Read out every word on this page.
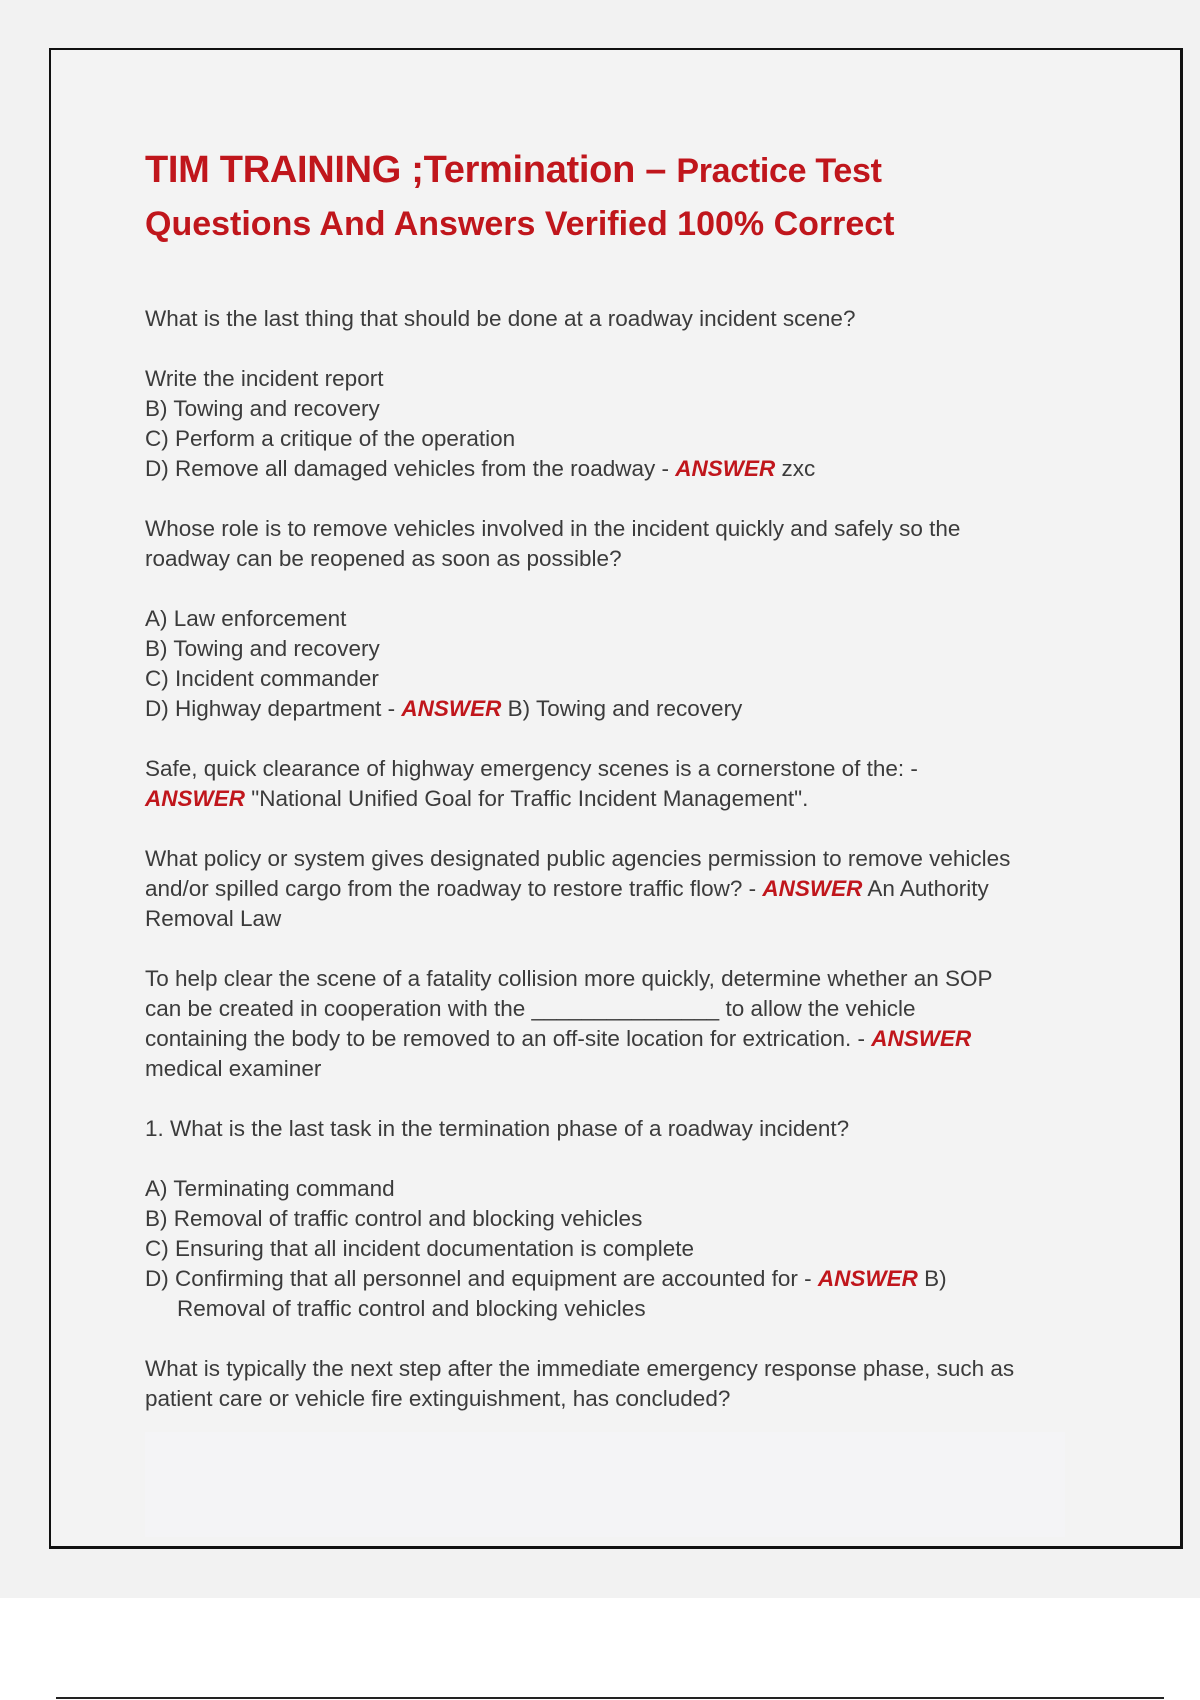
TIM TRAINING ;Termination – Practice Test
Questions And Answers Verified 100% Correct
What is the last thing that should be done at a roadway incident scene?
Write the incident report
B) Towing and recovery
C) Perform a critique of the operation
D) Remove all damaged vehicles from the roadway - ANSWER zxc
Whose role is to remove vehicles involved in the incident quickly and safely so the
roadway can be reopened as soon as possible?
A) Law enforcement
B) Towing and recovery
C) Incident commander
D) Highway department - ANSWER B) Towing and recovery
Safe, quick clearance of highway emergency scenes is a cornerstone of the: -
ANSWER "National Unified Goal for Traffic Incident Management".
What policy or system gives designated public agencies permission to remove vehicles
and/or spilled cargo from the roadway to restore traffic flow? - ANSWER An Authority
Removal Law
To help clear the scene of a fatality collision more quickly, determine whether an SOP
can be created in cooperation with the _______________ to allow the vehicle
containing the body to be removed to an off-site location for extrication. - ANSWER
medical examiner
1. What is the last task in the termination phase of a roadway incident?
A) Terminating command
B) Removal of traffic control and blocking vehicles
C) Ensuring that all incident documentation is complete
D) Confirming that all personnel and equipment are accounted for - ANSWER B)
Removal of traffic control and blocking vehicles
What is typically the next step after the immediate emergency response phase, such as
patient care or vehicle fire extinguishment, has concluded?
